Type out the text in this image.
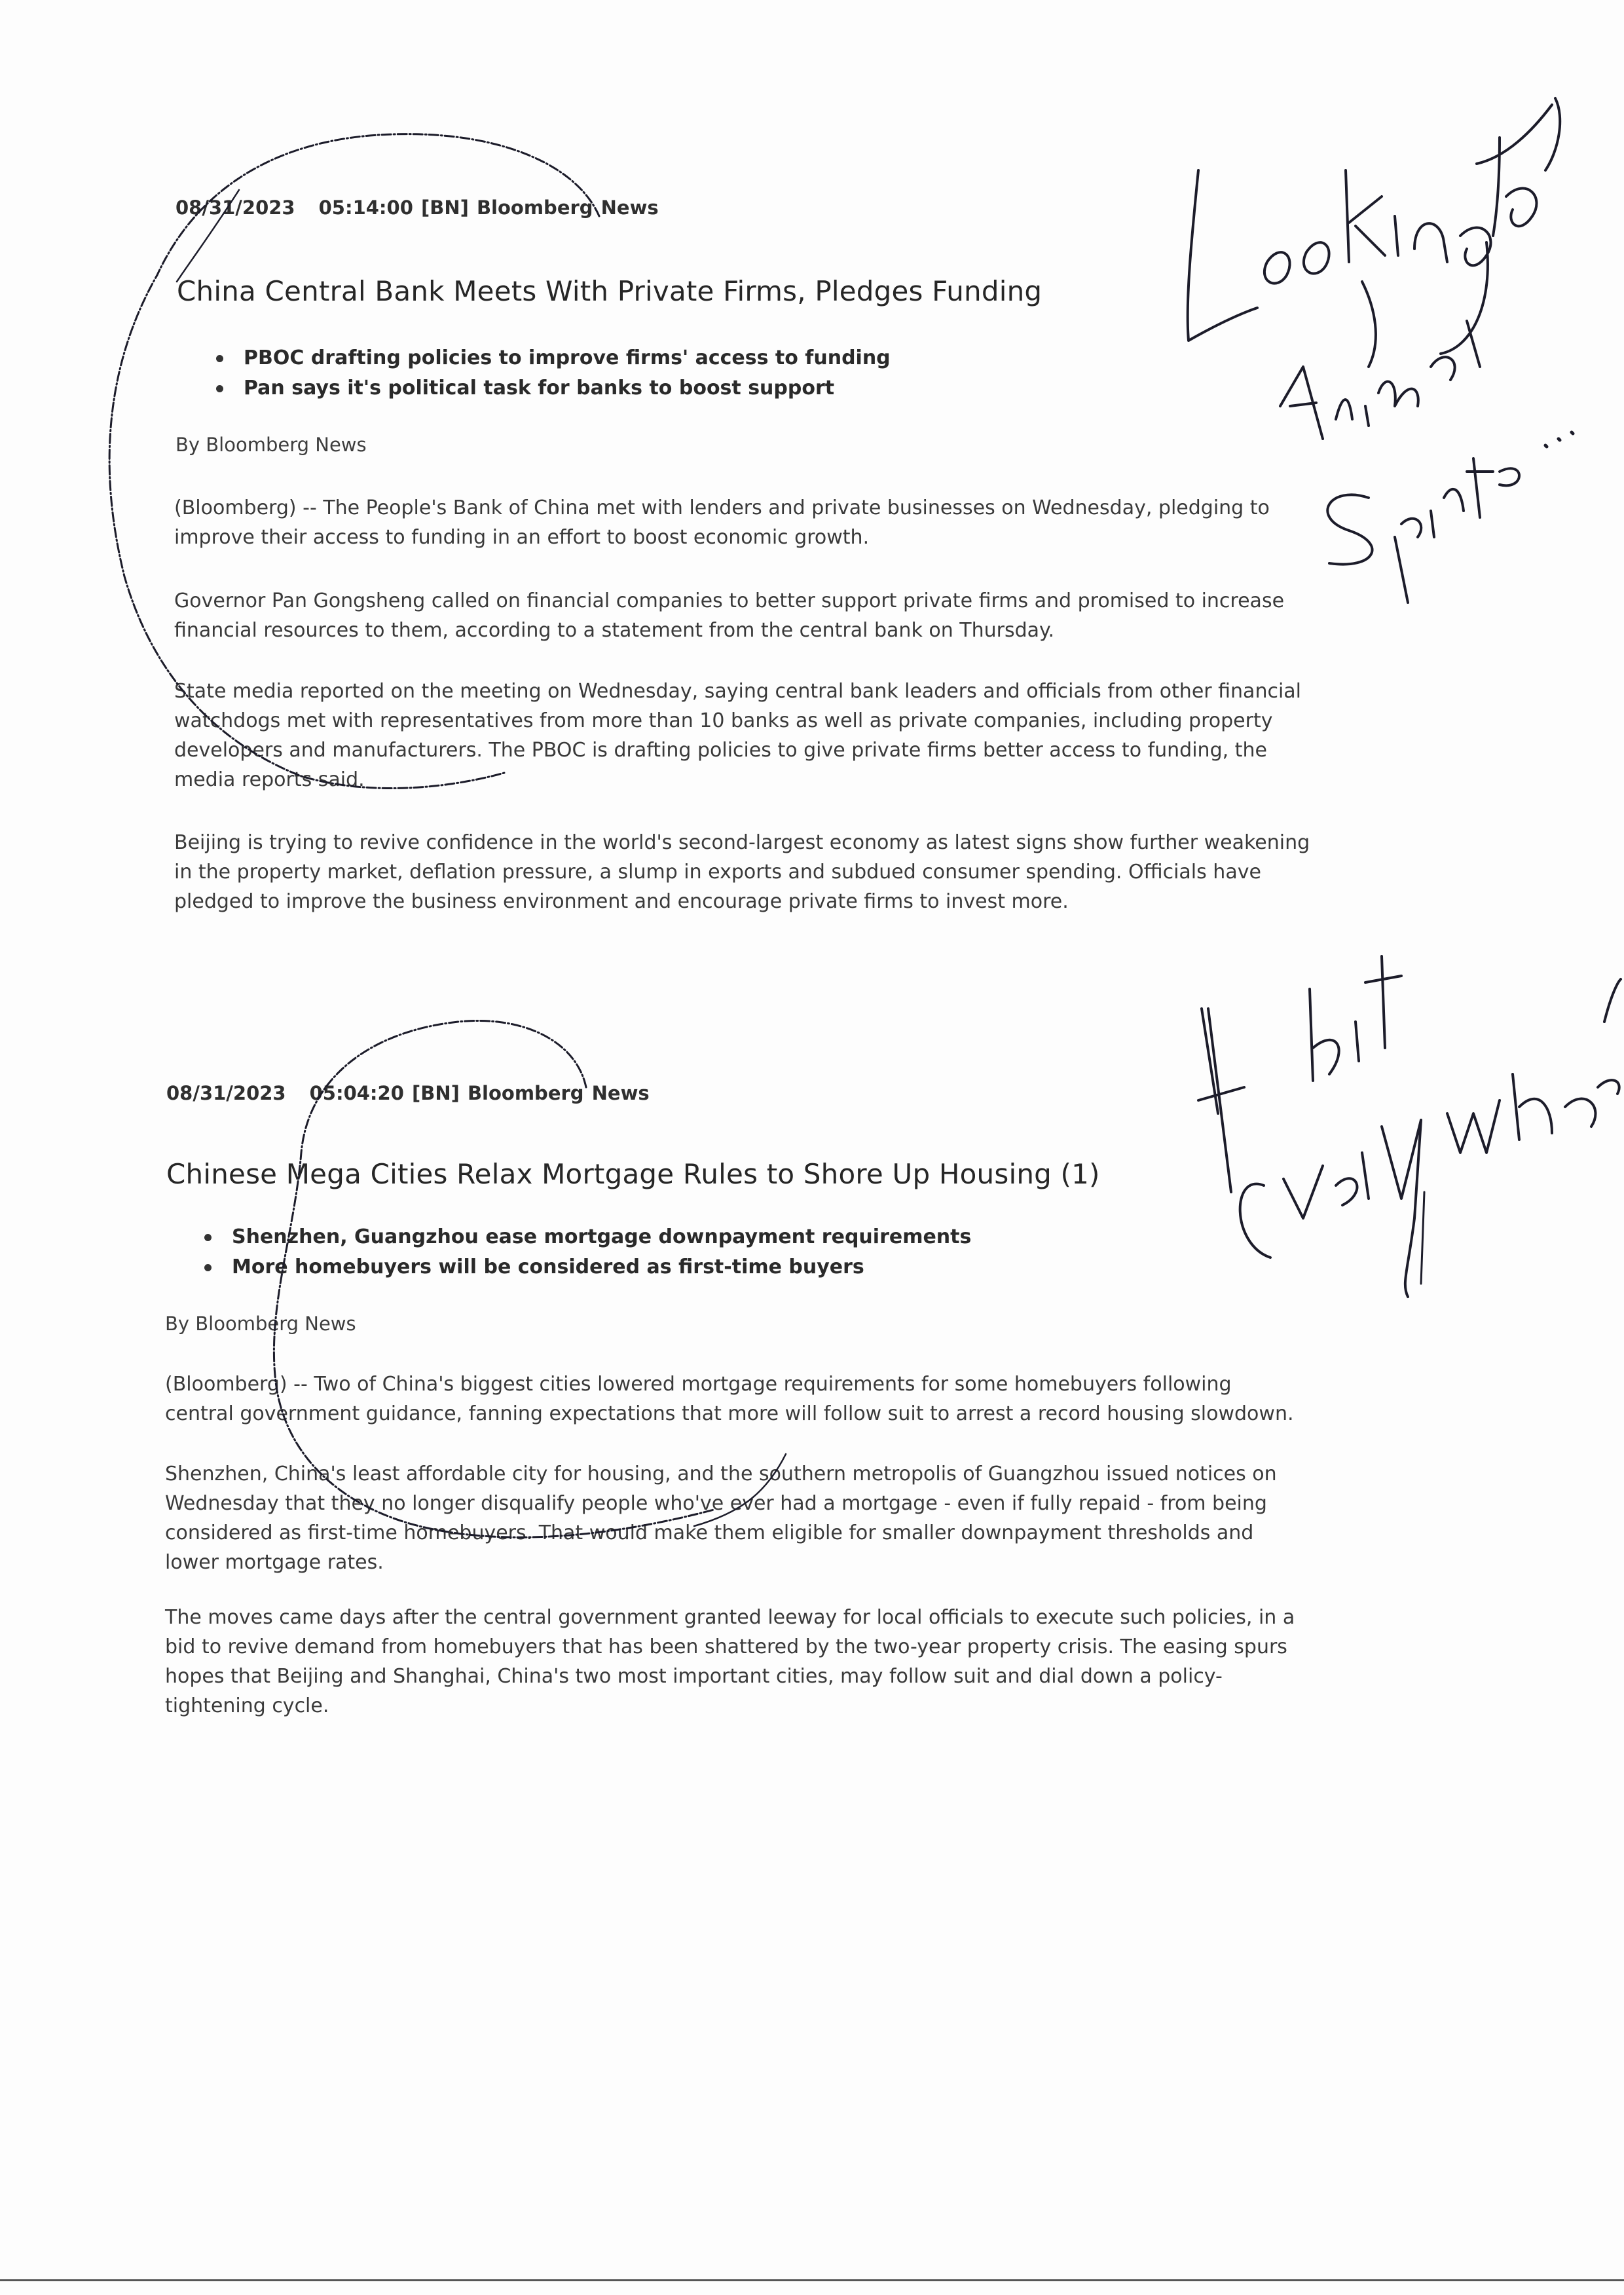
08/31/2023 05:14:00 [BN] Bloomberg News
China Central Bank Meets With Private Firms, Pledges Funding
PBOC drafting policies to improve firms' access to funding
Pan says it's political task for banks to boost support
By Bloomberg News
(Bloomberg) -- The People's Bank of China met with lenders and private businesses on Wednesday, pledging to
improve their access to funding in an effort to boost economic growth.
Governor Pan Gongsheng called on financial companies to better support private firms and promised to increase
financial resources to them, according to a statement from the central bank on Thursday.
State media reported on the meeting on Wednesday, saying central bank leaders and officials from other financial
watchdogs met with representatives from more than 10 banks as well as private companies, including property
developers and manufacturers. The PBOC is drafting policies to give private firms better access to funding, the
media reports said.
Beijing is trying to revive confidence in the world's second-largest economy as latest signs show further weakening
in the property market, deflation pressure, a slump in exports and subdued consumer spending. Officials have
pledged to improve the business environment and encourage private firms to invest more.
08/31/2023 05:04:20 [BN] Bloomberg News
Chinese Mega Cities Relax Mortgage Rules to Shore Up Housing (1)
Shenzhen, Guangzhou ease mortgage downpayment requirements
More homebuyers will be considered as first-time buyers
By Bloomberg News
(Bloomberg) -- Two of China's biggest cities lowered mortgage requirements for some homebuyers following
central government guidance, fanning expectations that more will follow suit to arrest a record housing slowdown.
Shenzhen, China's least affordable city for housing, and the southern metropolis of Guangzhou issued notices on
Wednesday that they no longer disqualify people who've ever had a mortgage - even if fully repaid - from being
considered as first-time homebuyers. That would make them eligible for smaller downpayment thresholds and
lower mortgage rates.
The moves came days after the central government granted leeway for local officials to execute such policies, in a
bid to revive demand from homebuyers that has been shattered by the two-year property crisis. The easing spurs
hopes that Beijing and Shanghai, China's two most important cities, may follow suit and dial down a policy-
tightening cycle.
